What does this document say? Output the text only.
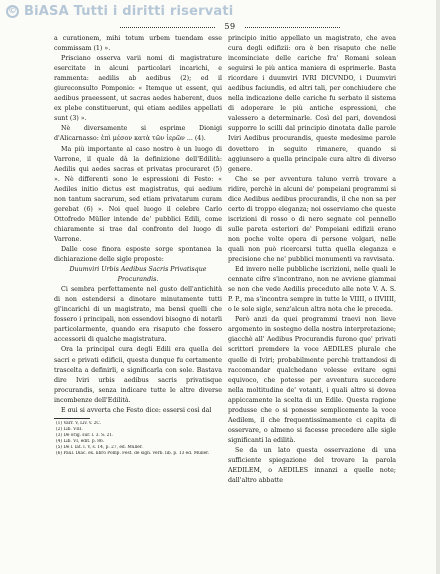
© BiASA Tutti i diritti riservati
59

a curationem, mihi totum urbem tuendam esse commissam (1) ».

Prisciano osserva varii nomi di magistrature esercitate in alcuni particolari incarichi, e rammenta: aedilis ab aedibus (2); ed il giureconsulto Pomponio: « Itemque ut essent, qui aedibus praeessent, ut sacras aedes haberent, duos ex plebe constituerunt, qui etiam aediles appellati sunt (3) ».

Nè diversamente si esprime Dionigi d'Alicarnasso: ἐπὶ μέσον κατὰ τῶν ἱερῶν ... (4).

Ma più importante al caso nostro è un luogo di Varrone, il quale dà la definizione dell'Edilità: Aedilis qui aedes sacras et privatas procuraret (5) ». Nè differenti sono le espressioni di Festo: « Aediles initio dictus est magistratus, qui aedium non tantum sacrarum, sed etiam privatarum curam gerebat (6) ». Noi quel luogo il celebre Carlo Ottofredo Müller intende de' pubblici Edili, come chiaramente si trae dal confronto del luogo di Varrone.

Dalle cose finora esposte sorge spontanea la dichiarazione delle sigle proposte:

Duumviri Urbis Aedibus Sacris Privatisque Procurandis.

Ci sembra perfettamente nel gusto dell'antichità di non estendersi a dinotare minutamente tutti gl'incarichi di un magistrato, ma bensì quelli che fossero i principali, non essendovi bisogno di notarli particolarmente, quando era risaputo che fossero accessorii di qualche magistratura.

Ora la principal cura degli Edili era quella dei sacri e privati edificii, questa dunque fu certamente trascelta a definirli, e significarla con sole. Bastava dire Iviri urbis aedibus sacris privatisque procurandis, senza indicare tutte le altre diverse incombenze dell'Edilità.

E qui si avverta che Festo dice: essersi così dal

principio initio appellato un magistrato, che avea cura degli edifizii: ora è ben risaputo che nelle incominciate delle cariche fra' Romani solean seguirsi le più antica maniera di esprimerle. Basta ricordare i duumviri IVRI DICVNDO, i Duumviri aedibus faciundis, ed altri tali, per conchiudere che nella indicazione delle cariche fu serbato il sistema di adoperare le più antiche espressioni, che valessero a determinarle. Così del pari, dovendosi supporre lo scilli dal principio dinotata dalle parole Iviri Aedibus procurandis, queste medesime parole dovettero in seguito rimanere, quando si aggiunsero a quella principale cura altre di diverso genere.

Che se per avventura taluno verrà trovare a ridire, perchè in alcuni de' pompeiani programmi si dice Aedibus aedibus procurandis, il che non sa per certo di troppo eleganza; noi osserviamo che queste iscrizioni di rosso o di nero segnate col pennello sulle pareta esteriori de' Pompeiani edifizii erano non poche volte opera di persone volgari, nelle quali non può ricercarsi tutta quella eleganza e precisione che ne' pubblici monumenti va ravvisata.

Ed invero nelle pubbliche iscrizioni, nelle quali le cennate cifre s'incontrano, non ne avviene giammai se non che vede Aedilis preceduto alle note V. A. S. P. P., ma s'incontra sempre in tutte le VIIII, o IIVIIII, o le sole sigle, senz'alcun altra nota che le preceda.

Però anzi da quei programmi traevi non lieve argomento in sostegno della nostra interpretazione; giacchè all' Aedibus Procurandis furono que' privati scrittori premdere la voce AEDILES plurale che quelle di Iviri; probabilmente perchè trattandosi di raccomandar qualchedano volesse evitare ogni equivoco, che potesse per avventura succedere nella moltitudine de' votanti, i quali altro si dovea appiccamente la scelta di un Edile. Questa ragione produsse che o si ponesse semplicemente la voce Aedilem, il che frequentissimamente ci capita di osservare, o almeno si facesse precedere alle sigle significanti la edilità.

Se da un lato questa osservazione di una sufficiente spiegazione del trovare la parola AEDILEM, o AEDILES innanzi a quelle note; dall'altro abbatte

(1) Varr. V, Liv. v. 2C.
(2) Lib. VIII.
(3) De orig. sur. l. 3. S. 21.
(4) Lib. VI, edit. p. 86.
(5) De l. lat. l. V, s. 14, p. 27, ed. Muller.
(6) Paul. Diac. ex. libro Pomp. Fest. de sign. verb. lib. p. 13 ed. Muller.
